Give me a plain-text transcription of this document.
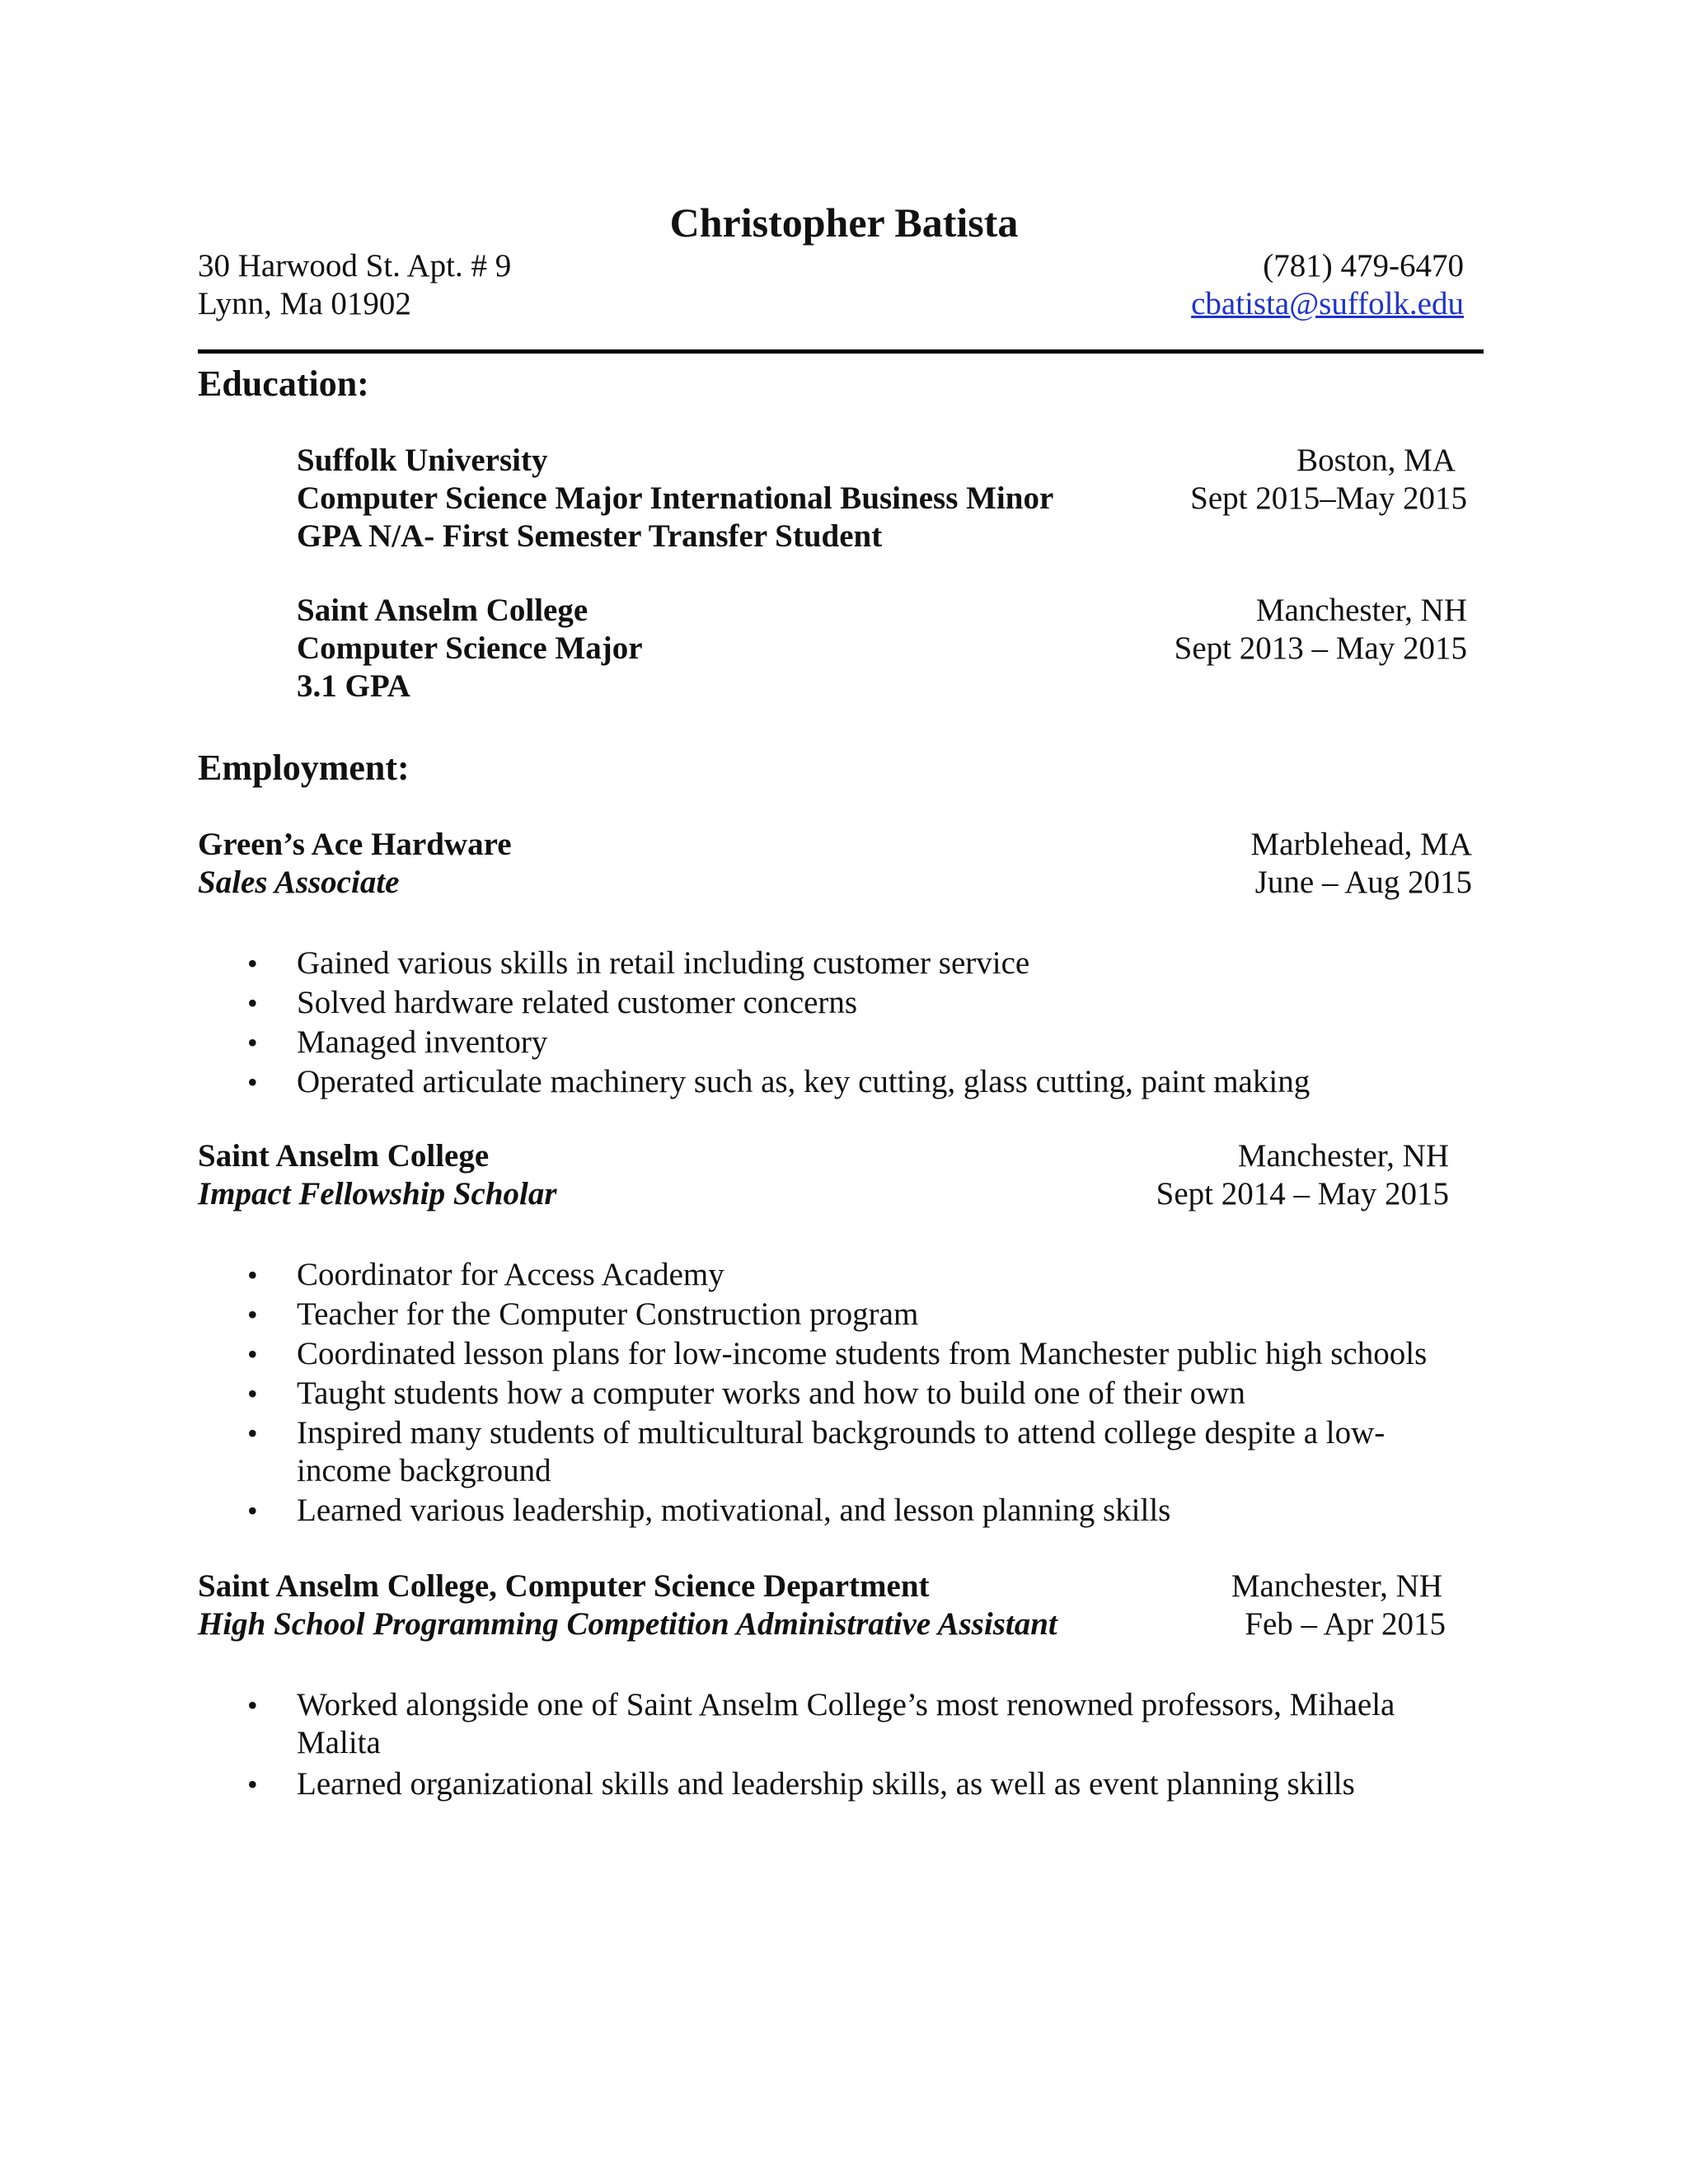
Christopher Batista
30 Harwood St. Apt. # 9
Lynn, Ma 01902
(781) 479-6470
cbatista@suffolk.edu
Education:
Suffolk University	Boston, MA
Computer Science Major International Business Minor	Sept 2015–May 2015
GPA N/A- First Semester Transfer Student
Saint Anselm College	Manchester, NH
Computer Science Major	Sept 2013 – May 2015
3.1 GPA
Employment:
Green’s Ace Hardware	Marblehead, MA
Sales Associate	June – Aug 2015
• Gained various skills in retail including customer service
• Solved hardware related customer concerns
• Managed inventory
• Operated articulate machinery such as, key cutting, glass cutting, paint making
Saint Anselm College	Manchester, NH
Impact Fellowship Scholar	Sept 2014 – May 2015
• Coordinator for Access Academy
• Teacher for the Computer Construction program
• Coordinated lesson plans for low-income students from Manchester public high schools
• Taught students how a computer works and how to build one of their own
• Inspired many students of multicultural backgrounds to attend college despite a low-income background
• Learned various leadership, motivational, and lesson planning skills
Saint Anselm College, Computer Science Department	Manchester, NH
High School Programming Competition Administrative Assistant	Feb – Apr 2015
• Worked alongside one of Saint Anselm College’s most renowned professors, Mihaela Malita
• Learned organizational skills and leadership skills, as well as event planning skills
